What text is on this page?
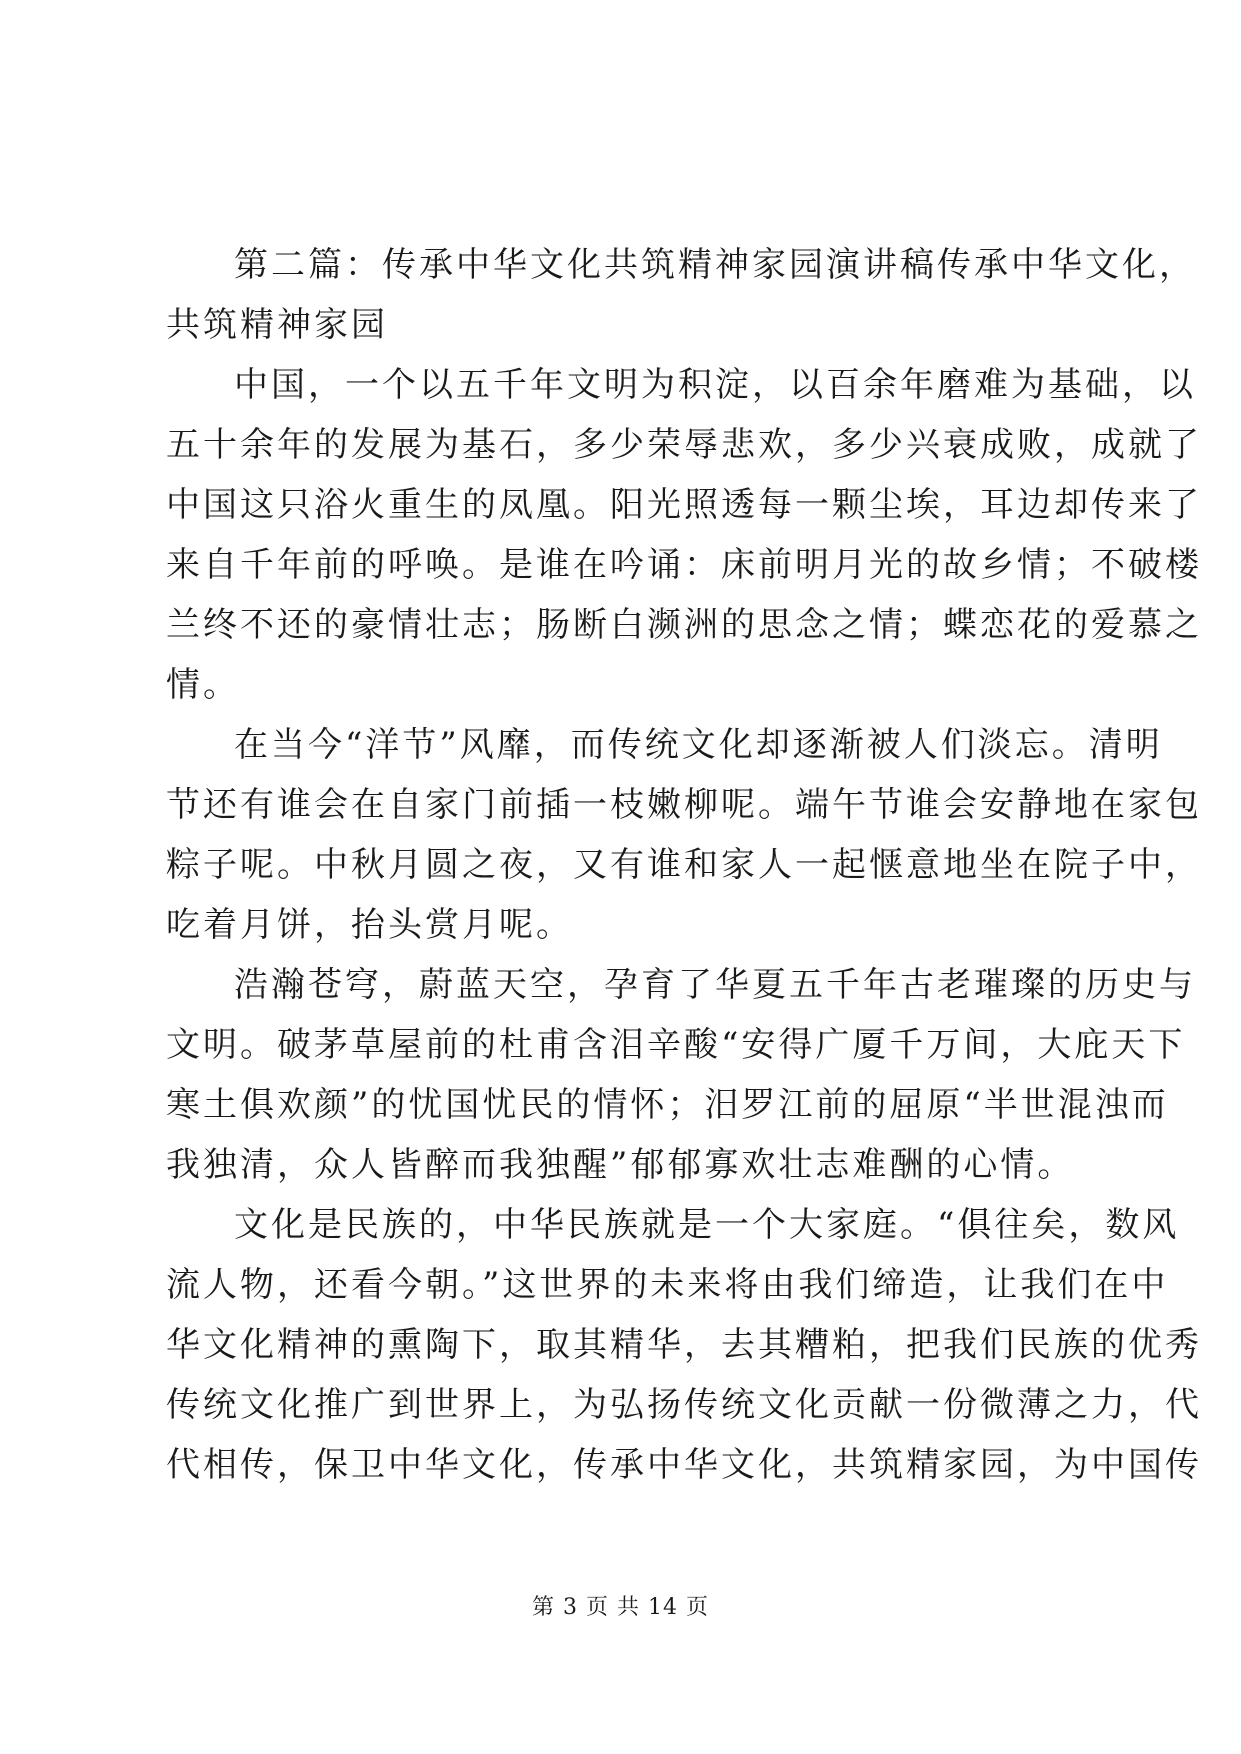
第二篇：传承中华文化共筑精神家园演讲稿传承中华文化，
共筑精神家园
中国，一个以五千年文明为积淀，以百余年磨难为基础，以
五十余年的发展为基石，多少荣辱悲欢，多少兴衰成败，成就了
中国这只浴火重生的凤凰。阳光照透每一颗尘埃，耳边却传来了
来自千年前的呼唤。是谁在吟诵：床前明月光的故乡情；不破楼
兰终不还的豪情壮志；肠断白濒洲的思念之情；蝶恋花的爱慕之
情。
在当今“洋节”风靡，而传统文化却逐渐被人们淡忘。清明
节还有谁会在自家门前插一枝嫩柳呢。端午节谁会安静地在家包
粽子呢。中秋月圆之夜，又有谁和家人一起惬意地坐在院子中，
吃着月饼，抬头赏月呢。
浩瀚苍穹，蔚蓝天空，孕育了华夏五千年古老璀璨的历史与
文明。破茅草屋前的杜甫含泪辛酸“安得广厦千万间，大庇天下
寒土俱欢颜”的忧国忧民的情怀；汨罗江前的屈原“半世混浊而
我独清，众人皆醉而我独醒”郁郁寡欢壮志难酬的心情。
文化是民族的，中华民族就是一个大家庭。“俱往矣，数风
流人物，还看今朝。”这世界的未来将由我们缔造，让我们在中
华文化精神的熏陶下，取其精华，去其糟粕，把我们民族的优秀
传统文化推广到世界上，为弘扬传统文化贡献一份微薄之力，代
代相传，保卫中华文化，传承中华文化，共筑精家园，为中国传
第 3 页 共 14 页
